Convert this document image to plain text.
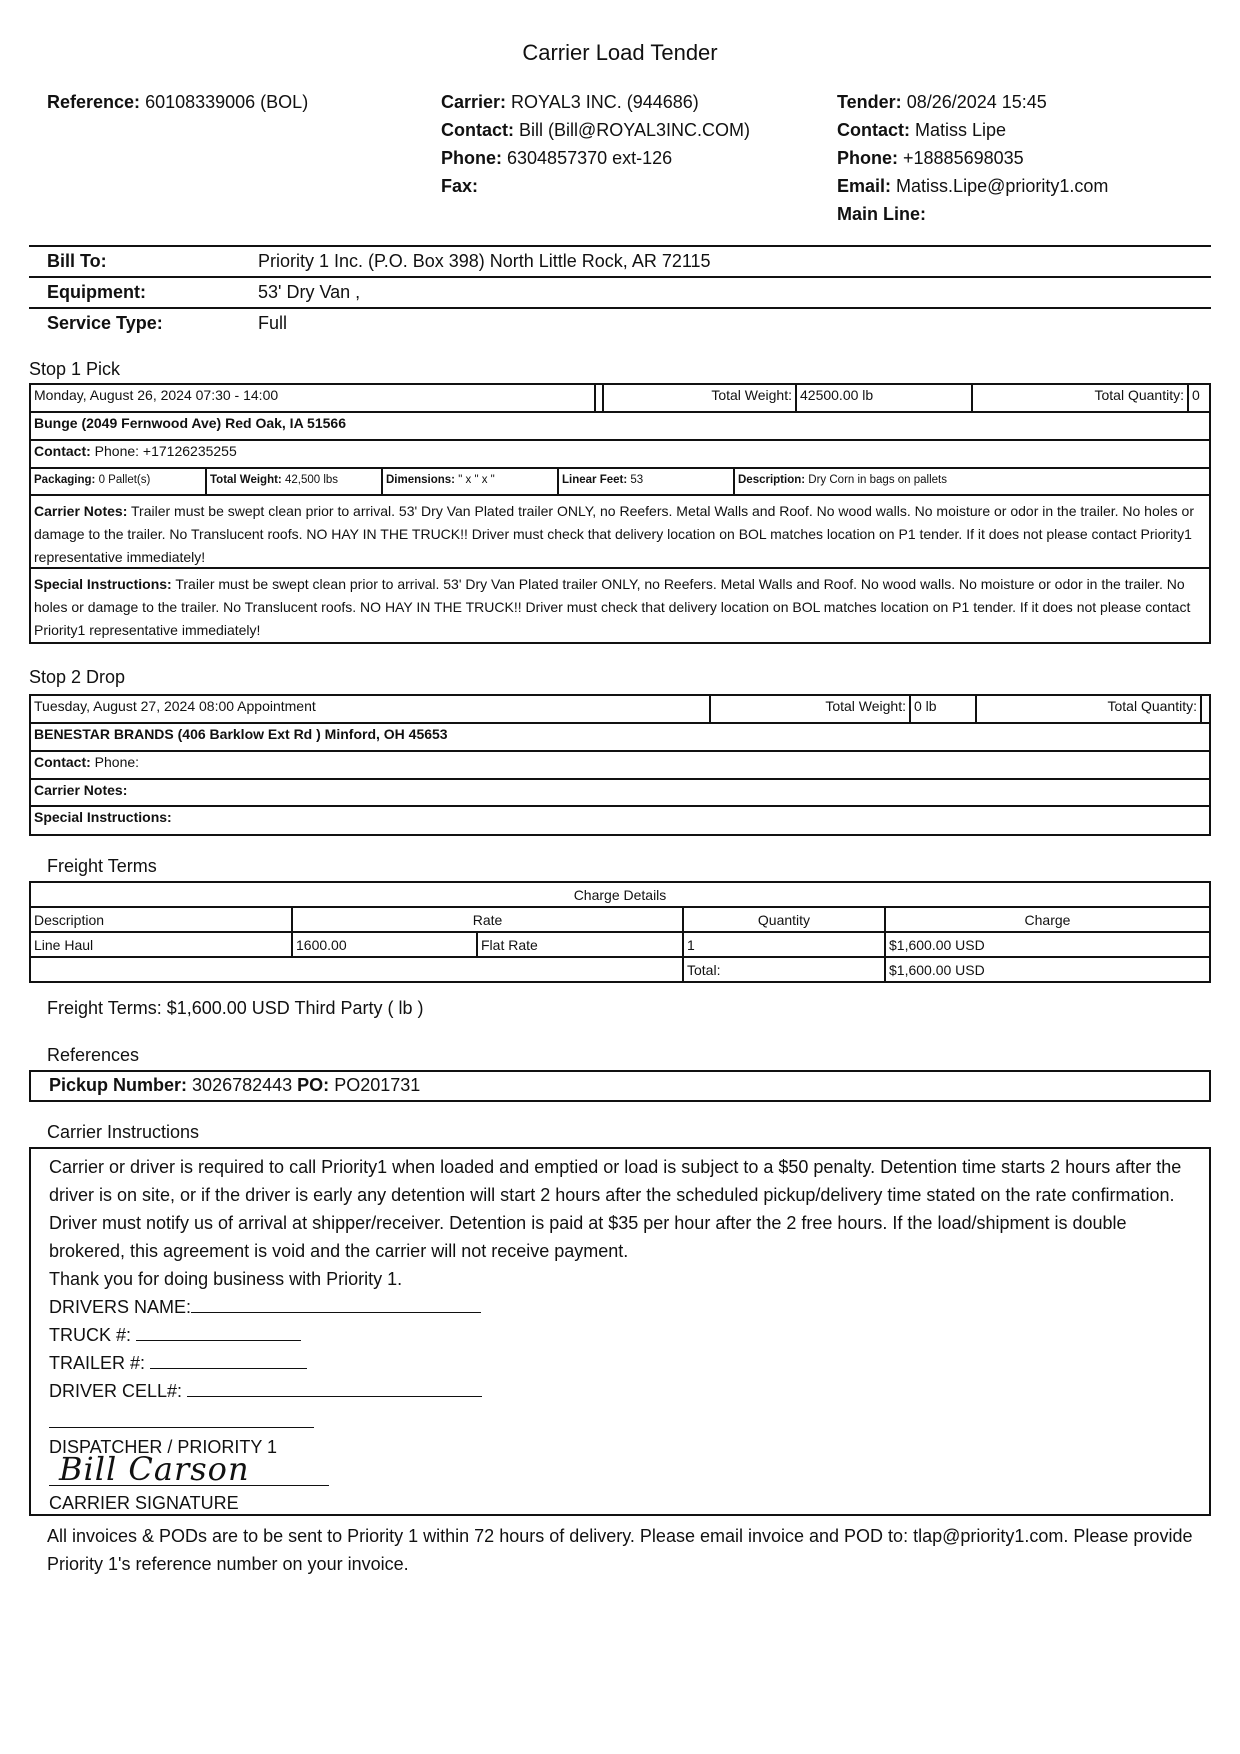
Carrier Load Tender
Reference: 60108339006 (BOL)	Carrier: ROYAL3 INC. (944686)
Contact: Bill (Bill@ROYAL3INC.COM)
Phone: 6304857370 ext-126
Fax:
Tender: 08/26/2024 15:45
Contact: Matiss Lipe
Phone: +18885698035
Email: Matiss.Lipe@priority1.com
Main Line:
Bill To:	Priority 1 Inc. (P.O. Box 398) North Little Rock, AR 72115
Equipment:	53' Dry Van ,
Service Type:	Full
Stop 1 Pick
Monday, August 26, 2024 07:30 - 14:00	Total Weight: 42500.00 lb	Total Quantity: 0
Bunge (2049 Fernwood Ave) Red Oak, IA 51566
Contact: Phone: +17126235255
Packaging: 0 Pallet(s)	Total Weight: 42,500 lbs	Dimensions: " x " x "	Linear Feet: 53	Description: Dry Corn in bags on pallets
Carrier Notes: Trailer must be swept clean prior to arrival. 53' Dry Van Plated trailer ONLY, no Reefers. Metal Walls and Roof. No wood walls. No moisture or odor in the trailer. No holes or damage to the trailer. No Translucent roofs. NO HAY IN THE TRUCK!! Driver must check that delivery location on BOL matches location on P1 tender. If it does not please contact Priority1 representative immediately!
Special Instructions: Trailer must be swept clean prior to arrival. 53' Dry Van Plated trailer ONLY, no Reefers. Metal Walls and Roof. No wood walls. No moisture or odor in the trailer. No holes or damage to the trailer. No Translucent roofs. NO HAY IN THE TRUCK!! Driver must check that delivery location on BOL matches location on P1 tender. If it does not please contact Priority1 representative immediately!
Stop 2 Drop
Tuesday, August 27, 2024 08:00 Appointment	Total Weight: 0 lb	Total Quantity:
BENESTAR BRANDS (406 Barklow Ext Rd ) Minford, OH 45653
Contact: Phone:
Carrier Notes:
Special Instructions:
Freight Terms
Charge Details				
Description	Rate		Quantity	Charge
Line Haul	1600.00	Flat Rate	1	$1,600.00 USD
			Total:	$1,600.00 USD
Freight Terms: $1,600.00 USD Third Party ( lb )
References
Pickup Number: 3026782443 PO: PO201731
Carrier Instructions
Carrier or driver is required to call Priority1 when loaded and emptied or load is subject to a $50 penalty. Detention time starts 2 hours after the driver is on site, or if the driver is early any detention will start 2 hours after the scheduled pickup/delivery time stated on the rate confirmation. Driver must notify us of arrival at shipper/receiver. Detention is paid at $35 per hour after the 2 free hours. If the load/shipment is double brokered, this agreement is void and the carrier will not receive payment.
Thank you for doing business with Priority 1.
DRIVERS NAME:
TRUCK #:
TRAILER #:
DRIVER CELL#:
DISPATCHER / PRIORITY 1
Bill Carson
CARRIER SIGNATURE
All invoices & PODs are to be sent to Priority 1 within 72 hours of delivery. Please email invoice and POD to: tlap@priority1.com. Please provide Priority 1's reference number on your invoice.
